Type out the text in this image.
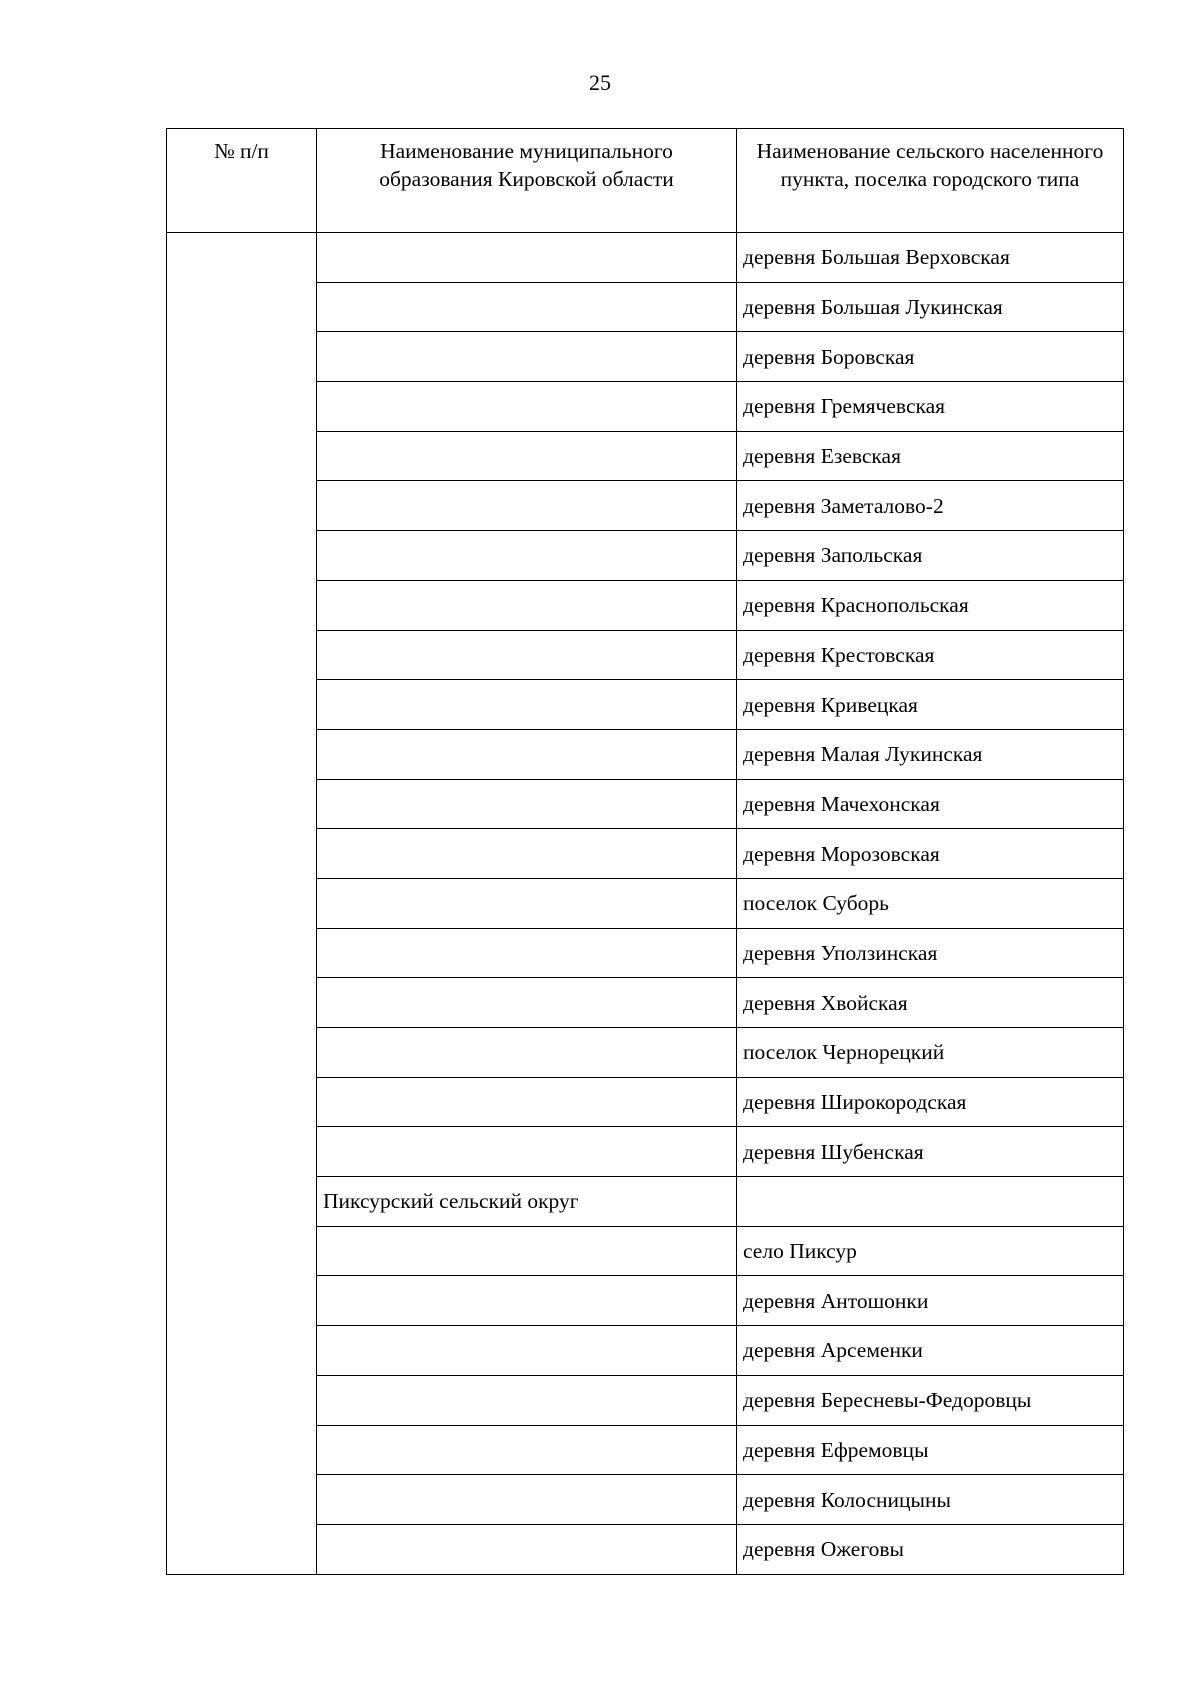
25
№ п/п	Наименование муниципального образования Кировской области	Наименование сельского населенного пункта, поселка городского типа
		деревня Большая Верховская
		деревня Большая Лукинская
		деревня Боровская
		деревня Гремячевская
		деревня Езевская
		деревня Заметалово-2
		деревня Запольская
		деревня Краснопольская
		деревня Крестовская
		деревня Кривецкая
		деревня Малая Лукинская
		деревня Мачехонская
		деревня Морозовская
		поселок Суборь
		деревня Уползинская
		деревня Хвойская
		поселок Чернорецкий
		деревня Широкородская
		деревня Шубенская
	Пиксурский сельский округ	
		село Пиксур
		деревня Антошонки
		деревня Арсеменки
		деревня Бересневы-Федоровцы
		деревня Ефремовцы
		деревня Колосницыны
		деревня Ожеговы
